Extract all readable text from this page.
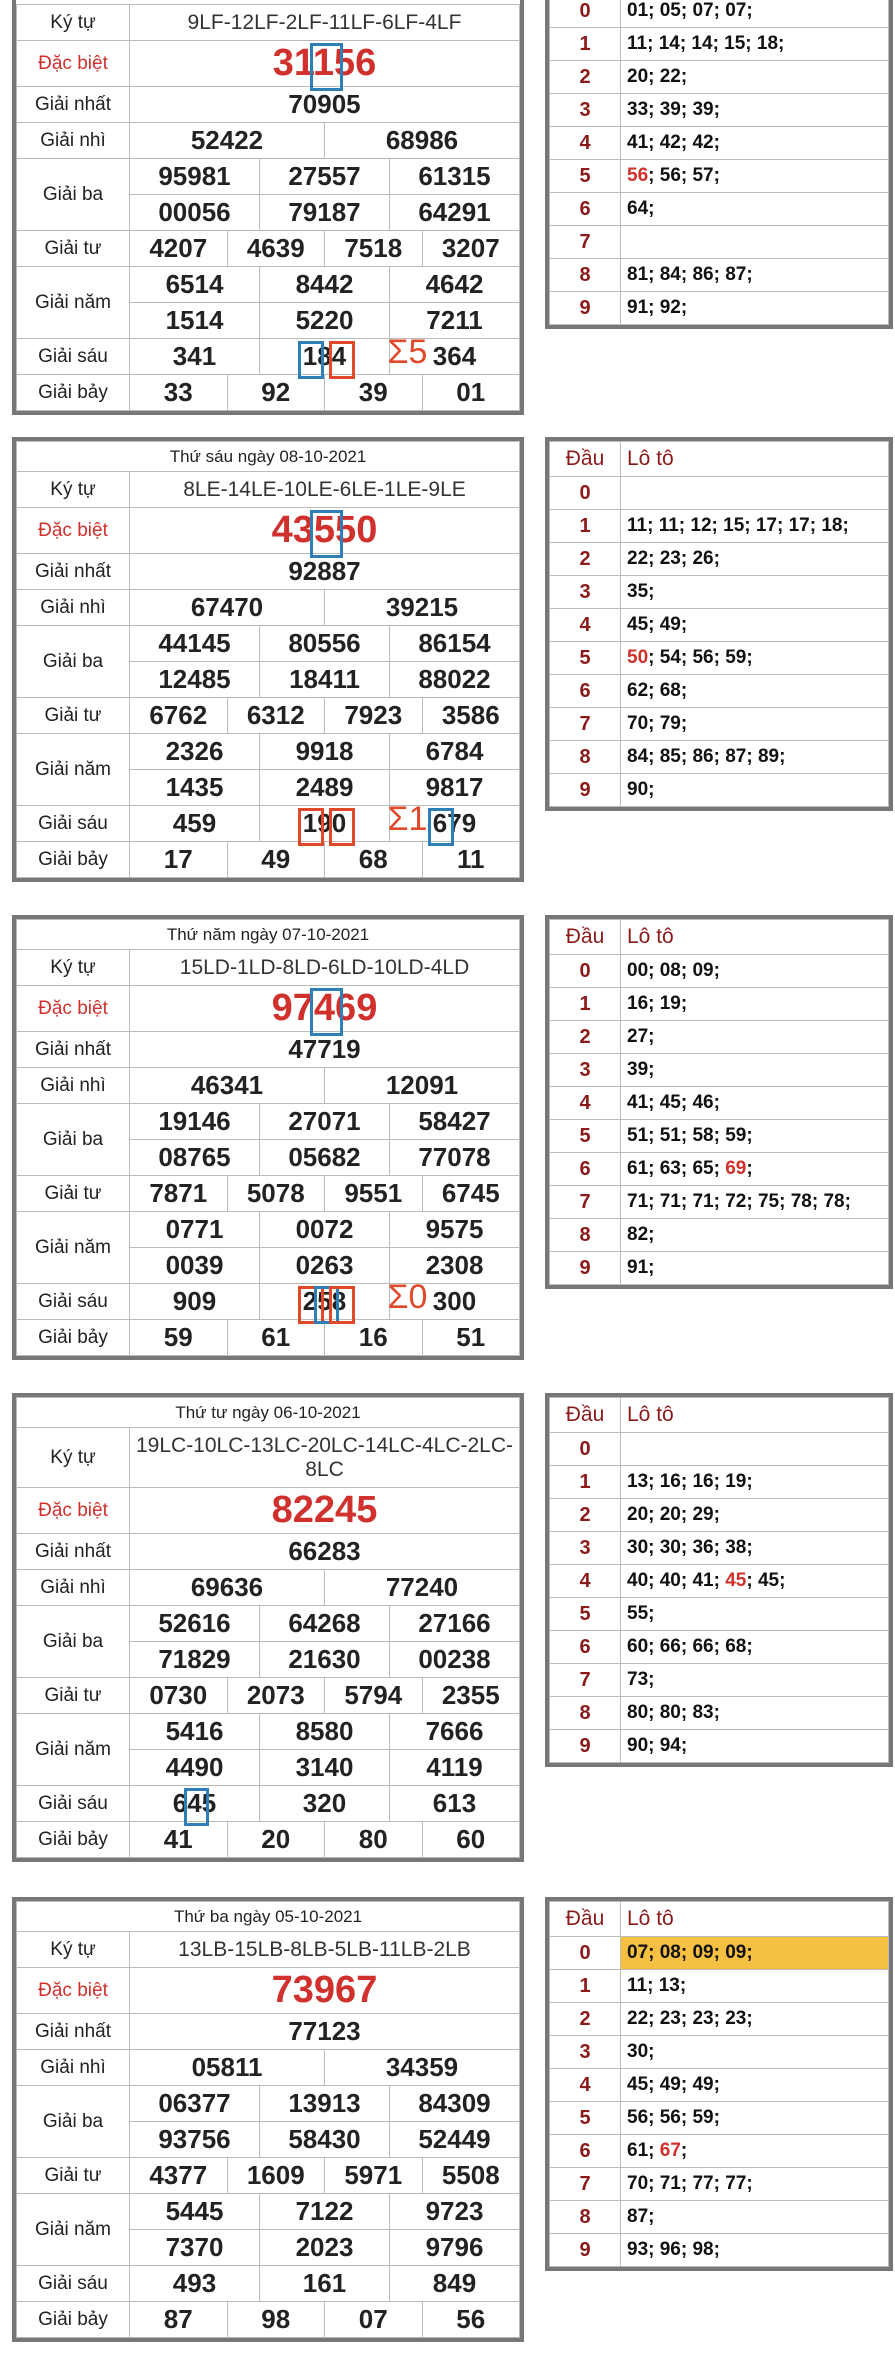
Ký tự	9LF-12LF-2LF-11LF-6LF-4LF					
Đặc biệt	31156					
Giải nhất	70905					
Giải nhì	52422			68986		
Giải ba	95981		27557		61315	
	00056		79187		64291	
Giải tư	4207	4639		7518		3207
Giải năm	6514		8442		4642	
	1514		5220		7211	
Giải sáu	341		184		364	
Giải bảy	33	92		39		01
0	01; 05; 07; 07;
1	11; 14; 14; 15; 18;
2	20; 22;
3	33; 39; 39;
4	41; 42; 42;
5	56; 56; 57;
6	64;
7	
8	81; 84; 86; 87;
9	91; 92;
Σ5
Thứ sáu ngày 08-10-2021						
Ký tự	8LE-14LE-10LE-6LE-1LE-9LE					
Đặc biệt	43550					
Giải nhất	92887					
Giải nhì	67470			39215		
Giải ba	44145		80556		86154	
	12485		18411		88022	
Giải tư	6762	6312		7923		3586
Giải năm	2326		9918		6784	
	1435		2489		9817	
Giải sáu	459		190		679	
Giải bảy	17	49		68		11
Đầu	Lô tô
0	
1	11; 11; 12; 15; 17; 17; 18;
2	22; 23; 26;
3	35;
4	45; 49;
5	50; 54; 56; 59;
6	62; 68;
7	70; 79;
8	84; 85; 86; 87; 89;
9	90;
Σ1
Thứ năm ngày 07-10-2021						
Ký tự	15LD-1LD-8LD-6LD-10LD-4LD					
Đặc biệt	97469					
Giải nhất	47719					
Giải nhì	46341			12091		
Giải ba	19146		27071		58427	
	08765		05682		77078	
Giải tư	7871	5078		9551		6745
Giải năm	0771		0072		9575	
	0039		0263		2308	
Giải sáu	909		258		300	
Giải bảy	59	61		16		51
Đầu	Lô tô
0	00; 08; 09;
1	16; 19;
2	27;
3	39;
4	41; 45; 46;
5	51; 51; 58; 59;
6	61; 63; 65; 69;
7	71; 71; 71; 72; 75; 78; 78;
8	82;
9	91;
Σ0
Thứ tư ngày 06-10-2021						
Ký tự	19LC-10LC-13LC-20LC-14LC-4LC-2LC-8LC					
Đặc biệt	82245					
Giải nhất	66283					
Giải nhì	69636			77240		
Giải ba	52616		64268		27166	
	71829		21630		00238	
Giải tư	0730	2073		5794		2355
Giải năm	5416		8580		7666	
	4490		3140		4119	
Giải sáu	645		320		613	
Giải bảy	41	20		80		60
Đầu	Lô tô
0	
1	13; 16; 16; 19;
2	20; 20; 29;
3	30; 30; 36; 38;
4	40; 40; 41; 45; 45;
5	55;
6	60; 66; 66; 68;
7	73;
8	80; 80; 83;
9	90; 94;
Thứ ba ngày 05-10-2021						
Ký tự	13LB-15LB-8LB-5LB-11LB-2LB					
Đặc biệt	73967					
Giải nhất	77123					
Giải nhì	05811			34359		
Giải ba	06377		13913		84309	
	93756		58430		52449	
Giải tư	4377	1609		5971		5508
Giải năm	5445		7122		9723	
	7370		2023		9796	
Giải sáu	493		161		849	
Giải bảy	87	98		07		56
Đầu	Lô tô
0	07; 08; 09; 09;
1	11; 13;
2	22; 23; 23; 23;
3	30;
4	45; 49; 49;
5	56; 56; 59;
6	61; 67;
7	70; 71; 77; 77;
8	87;
9	93; 96; 98;
